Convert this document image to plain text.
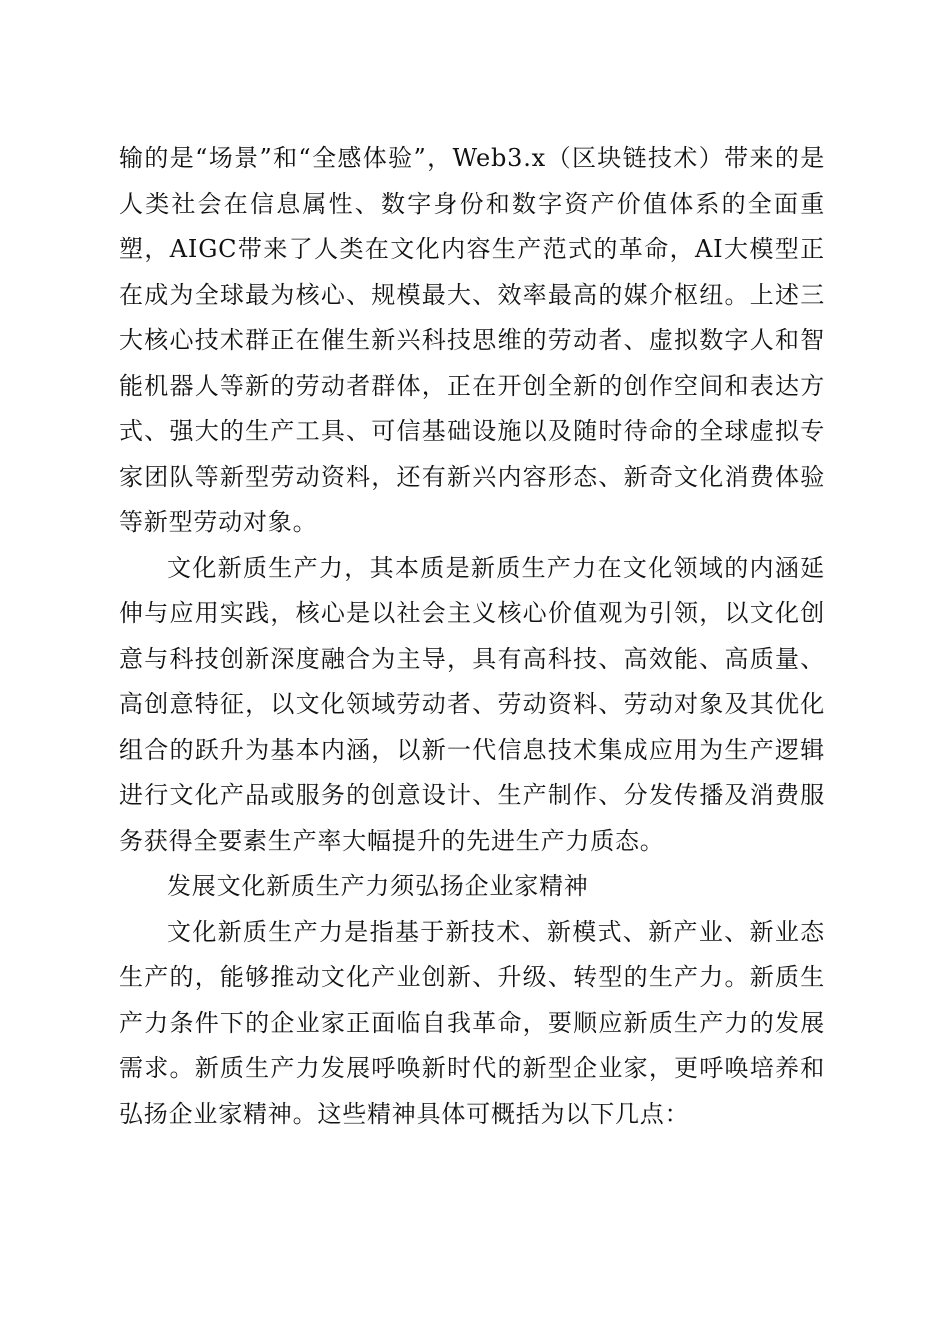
输的是“场景”和“全感体验”，Web3.x（区块链技术）带来的是人类社会在信息属性、数字身份和数字资产价值体系的全面重塑，AIGC带来了人类在文化内容生产范式的革命，AI大模型正在成为全球最为核心、规模最大、效率最高的媒介枢纽。上述三大核心技术群正在催生新兴科技思维的劳动者、虚拟数字人和智能机器人等新的劳动者群体，正在开创全新的创作空间和表达方式、强大的生产工具、可信基础设施以及随时待命的全球虚拟专家团队等新型劳动资料，还有新兴内容形态、新奇文化消费体验等新型劳动对象。

文化新质生产力，其本质是新质生产力在文化领域的内涵延伸与应用实践，核心是以社会主义核心价值观为引领，以文化创意与科技创新深度融合为主导，具有高科技、高效能、高质量、高创意特征，以文化领域劳动者、劳动资料、劳动对象及其优化组合的跃升为基本内涵，以新一代信息技术集成应用为生产逻辑进行文化产品或服务的创意设计、生产制作、分发传播及消费服务获得全要素生产率大幅提升的先进生产力质态。

发展文化新质生产力须弘扬企业家精神

文化新质生产力是指基于新技术、新模式、新产业、新业态生产的，能够推动文化产业创新、升级、转型的生产力。新质生产力条件下的企业家正面临自我革命，要顺应新质生产力的发展需求。新质生产力发展呼唤新时代的新型企业家，更呼唤培养和弘扬企业家精神。这些精神具体可概括为以下几点：
